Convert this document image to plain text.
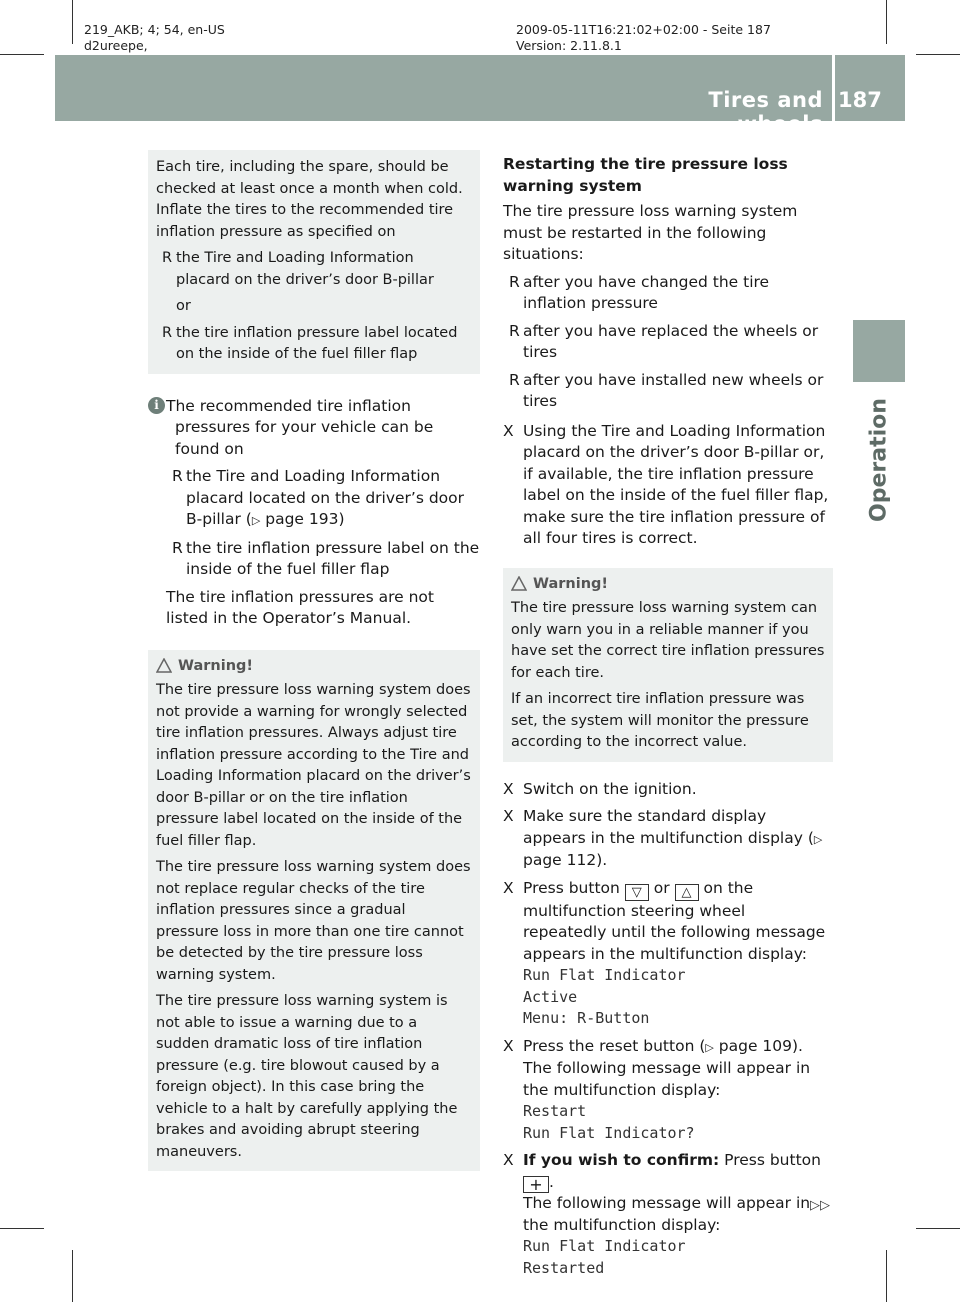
219_AKB; 4; 54, en-US
d2ureepe,
2009-05-11T16:21:02+02:00 - Seite 187
Version: 2.11.8.1
Tires and wheels
187
Operation

Each tire, including the spare, should be checked at least once a month when cold. Inflate the tires to the recommended tire inflation pressure as specified on

R the Tire and Loading Information placard on the driver’s door B-pillar

or

R the tire inflation pressure label located on the inside of the fuel filler flap
i The recommended tire inflation pressures for your vehicle can be found on

R the Tire and Loading Information placard located on the driver’s door B-pillar (▷ page 193)
R the tire inflation pressure label on the inside of the fuel filler flap

The tire inflation pressures are not listed in the Operator’s Manual.

Warning!

The tire pressure loss warning system does not provide a warning for wrongly selected tire inflation pressures. Always adjust tire inflation pressure according to the Tire and Loading Information placard on the driver’s door B-pillar or on the tire inflation pressure label located on the inside of the fuel filler flap.

The tire pressure loss warning system does not replace regular checks of the tire inflation pressures since a gradual pressure loss in more than one tire cannot be detected by the tire pressure loss warning system.

The tire pressure loss warning system is not able to issue a warning due to a sudden dramatic loss of tire inflation pressure (e.g. tire blowout caused by a foreign object). In this case bring the vehicle to a halt by carefully applying the brakes and avoiding abrupt steering maneuvers.

Restarting the tire pressure loss warning system

The tire pressure loss warning system must be restarted in the following situations:

R after you have changed the tire inflation pressure
R after you have replaced the wheels or tires
R after you have installed new wheels or tires
X Using the Tire and Loading Information placard on the driver’s door B-pillar or, if available, the tire inflation pressure label on the inside of the fuel filler flap, make sure the tire inflation pressure of all four tires is correct.
Warning!

The tire pressure loss warning system can only warn you in a reliable manner if you have set the correct tire inflation pressures for each tire.

If an incorrect tire inflation pressure was set, the system will monitor the pressure according to the incorrect value.

X Switch on the ignition.
X Make sure the standard display appears in the multifunction display (▷ page 112).
X Press button ▽ or △ on the multifunction steering wheel repeatedly until the following message appears in the multifunction display:
Run Flat Indicator
Active
Menu: R-Button
X Press the reset button (▷ page 109).
The following message will appear in the multifunction display:
Restart
Run Flat Indicator?
X If you wish to confirm: Press button
+ .
The following message will appear in the multifunction display:
Run Flat Indicator
Restarted
▷▷
